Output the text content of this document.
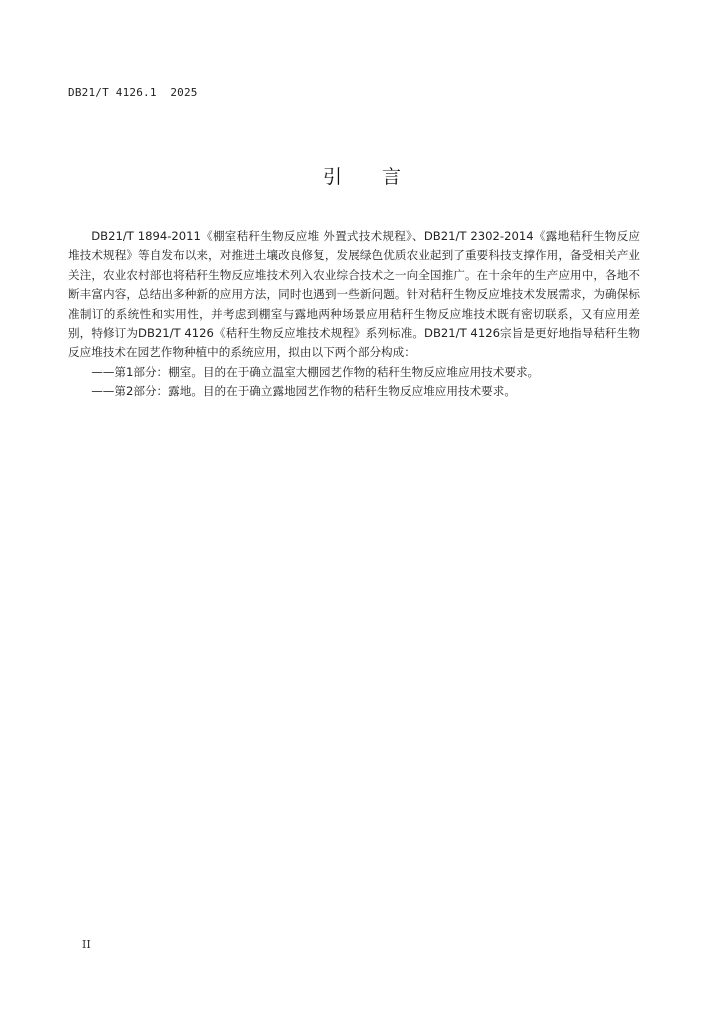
DB21/T 4126.1  2025
引 言

DB21/T 1894-2011《棚室秸秆生物反应堆 外置式技术规程》、DB21/T 2302-2014《露地秸秆生物反应堆技术规程》等自发布以来，对推进土壤改良修复，发展绿色优质农业起到了重要科技支撑作用，备受相关产业关注，农业农村部也将秸秆生物反应堆技术列入农业综合技术之一向全国推广。在十余年的生产应用中，各地不断丰富内容，总结出多种新的应用方法，同时也遇到一些新问题。针对秸秆生物反应堆技术发展需求，为确保标准制订的系统性和实用性，并考虑到棚室与露地两种场景应用秸秆生物反应堆技术既有密切联系，又有应用差别，特修订为DB21/T 4126《秸秆生物反应堆技术规程》系列标准。DB21/T 4126宗旨是更好地指导秸秆生物反应堆技术在园艺作物种植中的系统应用，拟由以下两个部分构成：

——第1部分：棚室。目的在于确立温室大棚园艺作物的秸秆生物反应堆应用技术要求。

——第2部分：露地。目的在于确立露地园艺作物的秸秆生物反应堆应用技术要求。

II
